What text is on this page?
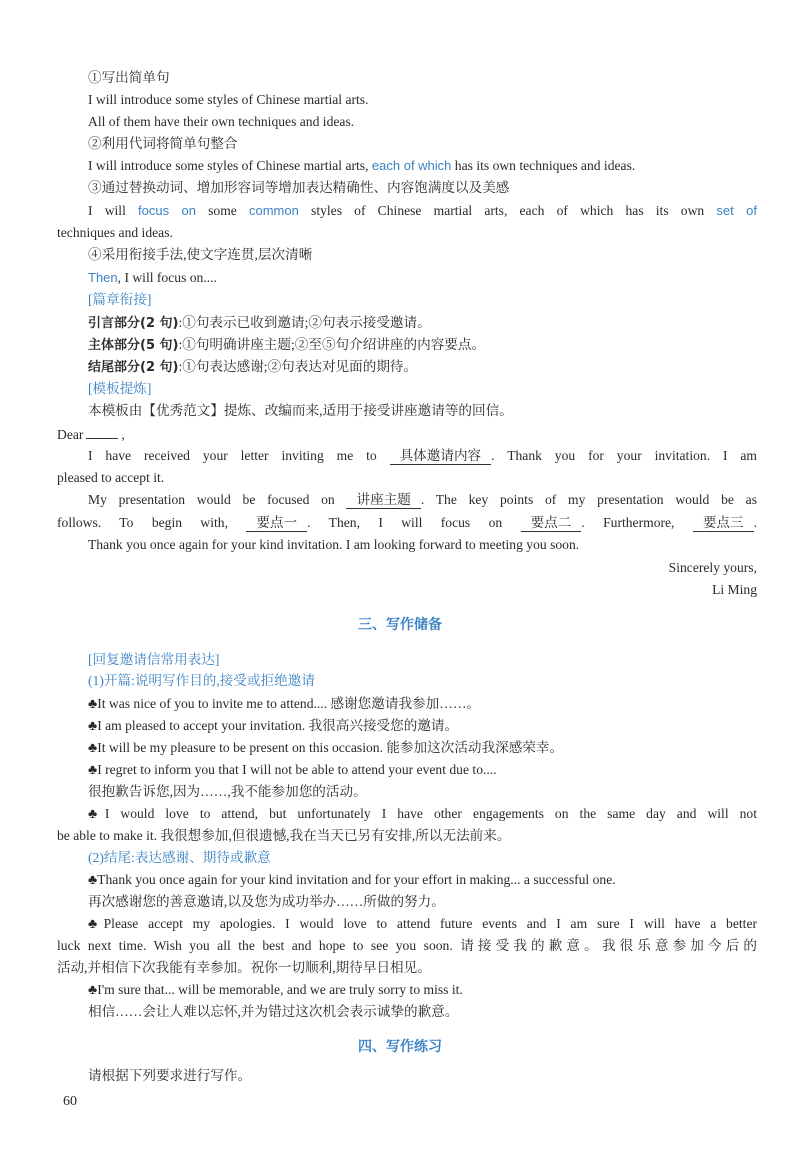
①写出简单句
I will introduce some styles of Chinese martial arts.
All of them have their own techniques and ideas.
②利用代词将简单句整合
I will introduce some styles of Chinese martial arts, each of which has its own techniques and ideas.
③通过替换动词、增加形容词等增加表达精确性、内容饱满度以及美感
I will focus on some common styles of Chinese martial arts, each of which has its own set of
techniques and ideas.
④采用衔接手法,使文字连贯,层次清晰
Then, I will focus on....
[篇章衔接]
引言部分(2 句):①句表示已收到邀请;②句表示接受邀请。
主体部分(5 句):①句明确讲座主题;②至⑤句介绍讲座的内容要点。
结尾部分(2 句):①句表达感谢;②句表达对见面的期待。
[模板提炼]
本模板由【优秀范文】提炼、改编而来,适用于接受讲座邀请等的回信。
Dear	,
I have received your letter inviting me to 具体邀请内容 . Thank you for your invitation. I am
pleased to accept it.
My presentation would be focused on 讲座主题 . The key points of my presentation would be as
follows. To begin with, 要点一 . Then, I will focus on 要点二 . Furthermore, 要点三 .
Thank you once again for your kind invitation. I am looking forward to meeting you soon.
Sincerely yours,
Li Ming
三、写作储备
[回复邀请信常用表达]
(1)开篇:说明写作目的,接受或拒绝邀请
♣It was nice of you to invite me to attend.... 感谢您邀请我参加……。
♣I am pleased to accept your invitation. 我很高兴接受您的邀请。
♣It will be my pleasure to be present on this occasion. 能参加这次活动我深感荣幸。
♣I regret to inform you that I will not be able to attend your event due to....
很抱歉告诉您,因为……,我不能参加您的活动。
♣I would love to attend, but unfortunately I have other engagements on the same day and will not
be able to make it. 我很想参加,但很遗憾,我在当天已另有安排,所以无法前来。
(2)结尾:表达感谢、期待或歉意
♣Thank you once again for your kind invitation and for your effort in making... a successful one.
再次感谢您的善意邀请,以及您为成功举办……所做的努力。
♣Please accept my apologies. I would love to attend future events and I am sure I will have a better
luck next time. Wish you all the best and hope to see you soon. 请接受我的歉意。我很乐意参加今后的
活动,并相信下次我能有幸参加。祝你一切顺利,期待早日相见。
♣I'm sure that... will be memorable, and we are truly sorry to miss it.
相信……会让人难以忘怀,并为错过这次机会表示诚挚的歉意。
四、写作练习
请根据下列要求进行写作。
60
